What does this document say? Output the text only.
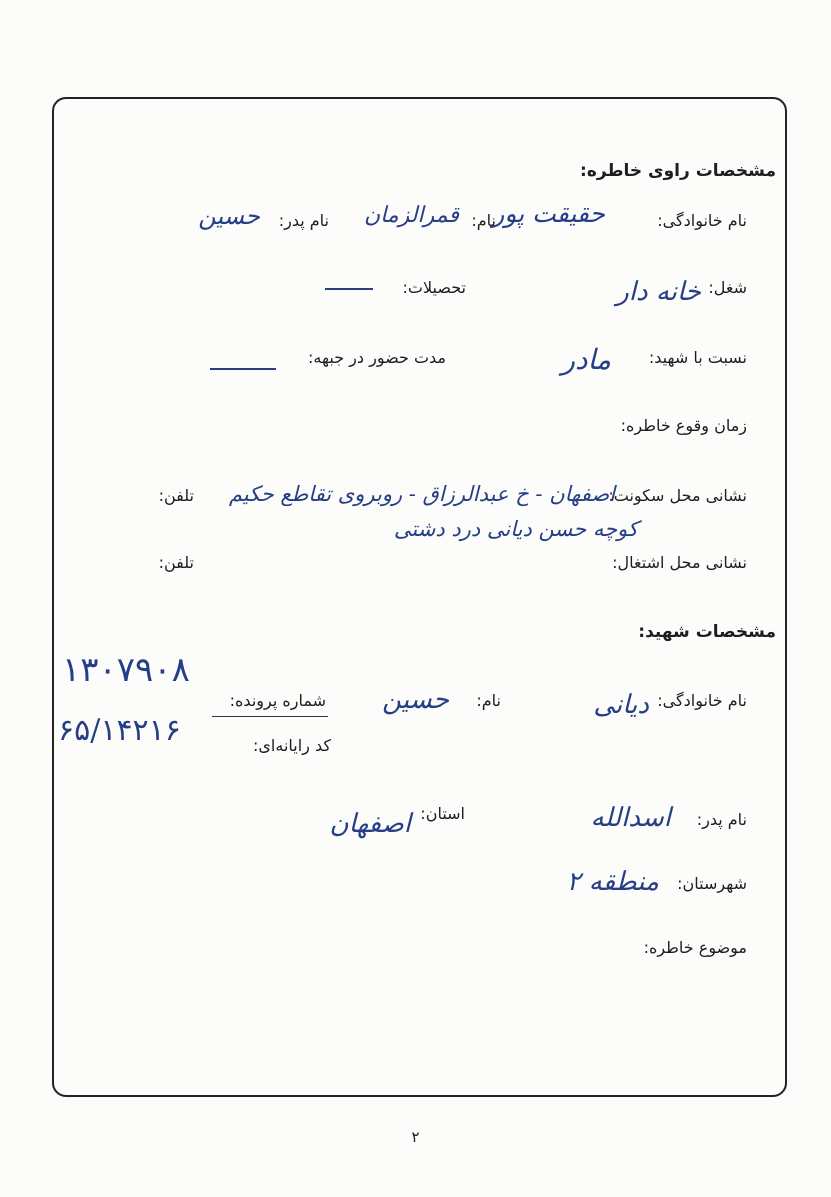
مشخصات راوی خاطره:
نام خانوادگی:
حقیقت پور
نام:
قمرالزمان
نام پدر:
حسین
شغل:
خانه دار
تحصیلات:
نسبت با شهید:
مادر
مدت حضور در جبهه:
زمان وقوع خاطره:
نشانی محل سکونت:
اصفهان - خ عبدالرزاق - روبروی تقاطع حکیم
تلفن:
کوچه حسن دیانی درد دشتی
نشانی محل اشتغال:
تلفن:
مشخصات شهید:
۱۳۰۷۹۰۸
نام خانوادگی:
دیانی
نام:
حسین
شماره پرونده:
۶۵/۱۴۲۱۶	کد رایانه‌ای:
نام پدر:
اسدالله
استان:
اصفهان
شهرستان:
منطقه ۲
موضوع خاطره:
۲
